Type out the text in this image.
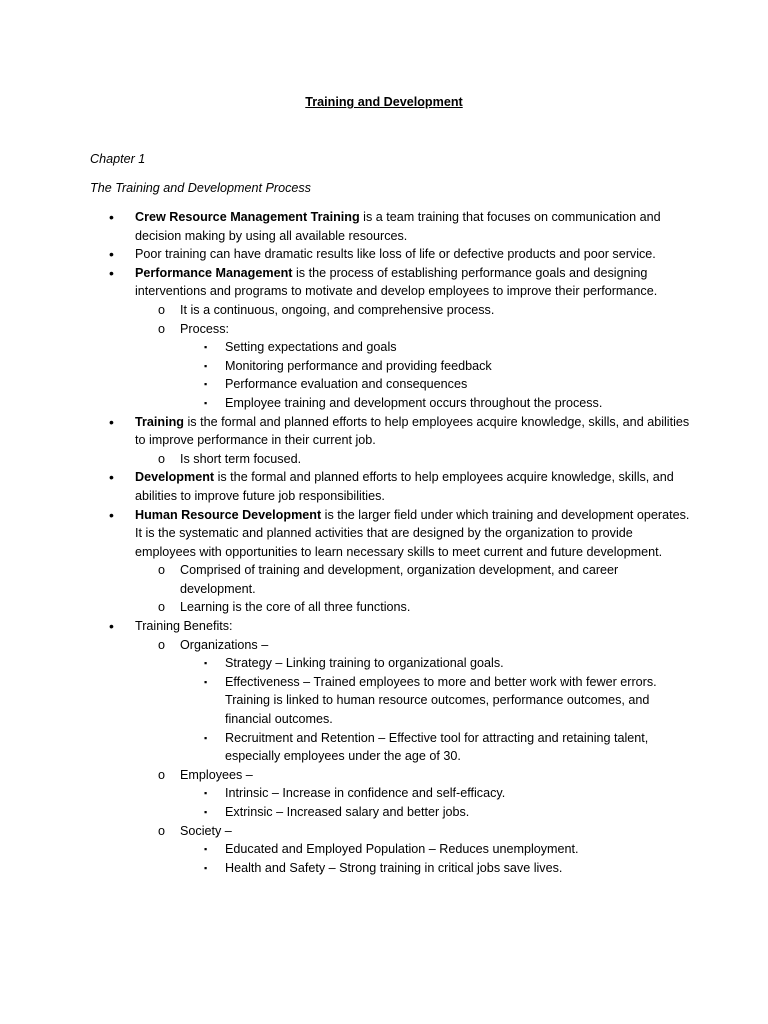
Training and Development
Chapter 1
The Training and Development Process
•	Crew Resource Management Training is a team training that focuses on communication and decision making by using all available resources.
•	Poor training can have dramatic results like loss of life or defective products and poor service.
•	Performance Management is the process of establishing performance goals and designing interventions and programs to motivate and develop employees to improve their performance.
o	It is a continuous, ongoing, and comprehensive process.
o	Process:
▪	Setting expectations and goals
▪	Monitoring performance and providing feedback
▪	Performance evaluation and consequences
▪	Employee training and development occurs throughout the process.
•	Training is the formal and planned efforts to help employees acquire knowledge, skills, and abilities to improve performance in their current job.
o	Is short term focused.
•	Development is the formal and planned efforts to help employees acquire knowledge, skills, and abilities to improve future job responsibilities.
•	Human Resource Development is the larger field under which training and development operates. It is the systematic and planned activities that are designed by the organization to provide employees with opportunities to learn necessary skills to meet current and future development.
o	Comprised of training and development, organization development, and career development.
o	Learning is the core of all three functions.
•	Training Benefits:
o	Organizations –
▪	Strategy – Linking training to organizational goals.
▪	Effectiveness – Trained employees to more and better work with fewer errors. Training is linked to human resource outcomes, performance outcomes, and financial outcomes.
▪	Recruitment and Retention – Effective tool for attracting and retaining talent, especially employees under the age of 30.
o	Employees –
▪	Intrinsic – Increase in confidence and self-efficacy.
▪	Extrinsic – Increased salary and better jobs.
o	Society –
▪	Educated and Employed Population – Reduces unemployment.
▪	Health and Safety – Strong training in critical jobs save lives.
